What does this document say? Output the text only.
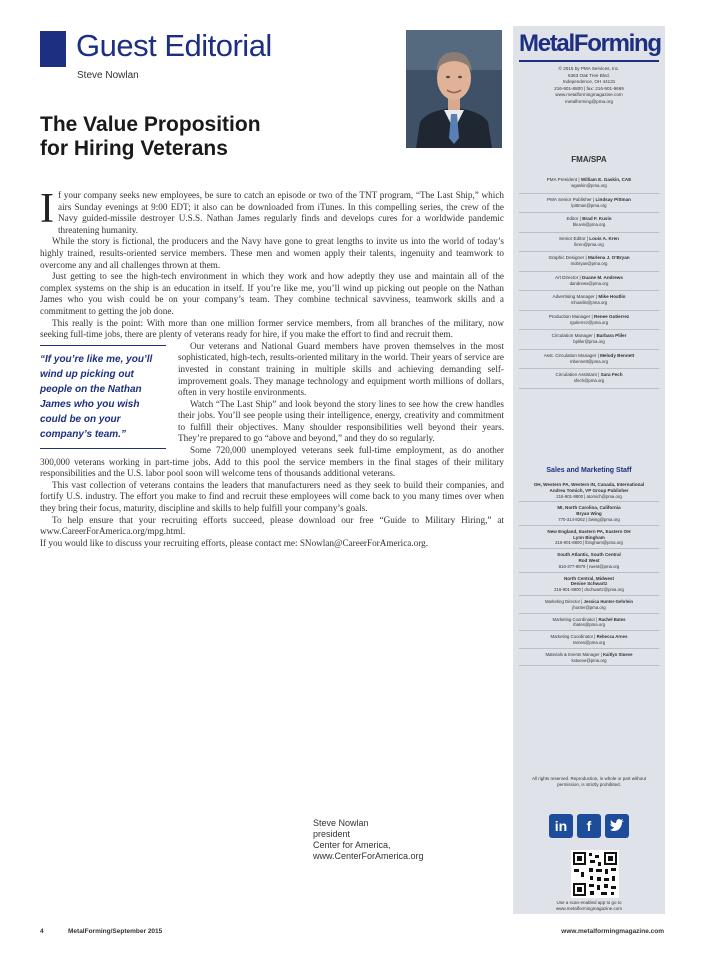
Guest Editorial
Steve Nowlan
The Value Proposition
for Hiring Veterans

If your company seeks new employees, be sure to catch an episode or two of the TNT program, “The Last Ship,” which airs Sunday evenings at 9:00 EDT; it also can be downloaded from iTunes. In this compelling series, the crew of the Navy guided-missile destroyer U.S.S. Nathan James regularly finds and develops cures for a worldwide pandemic threatening humanity.

While the story is fictional, the producers and the Navy have gone to great lengths to invite us into the world of today’s highly trained, results-oriented service members. These men and women apply their talents, ingenuity and teamwork to overcome any and all challenges thrown at them.

Just getting to see the high-tech environment in which they work and how adeptly they use and maintain all of the complex systems on the ship is an education in itself. If you’re like me, you’ll wind up picking out people on the Nathan James who you wish could be on your company’s team. They combine technical savviness, teamwork skills and a commitment to getting the job done.

This really is the point: With more than one million former service members, from all branches of the military, now seeking full-time jobs, there are plenty of veterans ready for hire, if you make the effort to find and recruit them.

“If you’re like me, you’ll wind up picking out people on the Nathan James who you wish could be on your company’s team.”

Our veterans and National Guard members have proven themselves in the most sophisticated, high-tech, results-oriented military in the world. Their years of service are invested in constant training in multiple skills and achieving demanding self-improvement goals. They manage technology and equipment worth millions of dollars, often in very hostile environments.

Watch “The Last Ship” and look beyond the story lines to see how the crew handles their jobs. You’ll see people using their intelligence, energy, creativity and commitment to fulfill their objectives. Many shoulder responsibilities well beyond their years. They’re prepared to go “above and beyond,” and they do so regularly.

Some 720,000 unemployed veterans seek full-time employment, as do another 300,000 veterans working in part-time jobs. Add to this pool the service members in the final stages of their military responsibilities and the U.S. labor pool soon will welcome tens of thousands additional veterans.

This vast collection of veterans contains the leaders that manufacturers need as they seek to build their companies, and fortify U.S. industry. The effort you make to find and recruit these employees will come back to you many times over when they bring their focus, maturity, discipline and skills to help fulfill your company’s goals.

To help ensure that your recruiting efforts succeed, please download our free “Guide to Military Hiring,” at www.CareerForAmerica.org/mpg.html.

If you would like to discuss your recruiting efforts, please contact me: SNowlan@CareerForAmerica.org.

Steve Nowlan
president
Center for America,
www.CenterForAmerica.org
4	MetalForming/September 2015	www.metalformingmagazine.com
MetalForming
© 2015 by PMA Services, Inc.
6363 Oak Tree Blvd.
Independence, OH 44131
216-901-8800 | fax: 216-901-9669
www.metalformingmagazine.com
metalforming@pma.org
FMA/SPA
PMA President | William E. Gaskin, CAE
wgaskin@pma.org
PMA Senior Publisher | Lindsay Pittman
lpittman@pma.org
Editor | Brad F. Kuvin
bkuvin@pma.org
Senior Editor | Louis A. Kren
lkren@pma.org
Graphic Designer | Marlena J. O’Bryan
mobryan@pma.org
Art Director | Duane M. Andrews
dandrews@pma.org
Advertising Manager | Mike Hoatlin
mhoatlin@pma.org
Production Manager | Renee Gutierrez
rgutierrez@pma.org
Circulation Manager | Barbara Pliler
bpliler@pma.org
Asst. Circulation Manager | Melody Bennett
mbennett@pma.org
Circulation Assistant | Sara Fech
sfech@pma.org
Sales and Marketing Staff
OH, Western PA, Western IN, Canada, International
Andrea Tomich, VP Group Publisher
216-901-8800 | atomich@pma.org
MI, North Carolina, California
Bryan Wing
770-314-8262 | bwing@pma.org
New England, Eastern PA, Eastern OH
Lynn Bingham
216-901-8800 | lbingham@pma.org
South Atlantic, South Central
Rod West
816-377-8879 | rwest@pma.org
North Central, Midwest
Denise Schwartz
216-901-8800 | dschwartz@pma.org
Marketing Director | Jessica Hunter-Gehrlein
jhunter@pma.org
Marketing Coordinator | Rachel Bates
rbates@pma.org
Marketing Coordinator | Rebecca Arnes
rarnes@pma.org
Materials & Events Manager | Kaitlyn Stueve
kstueve@pma.org
All rights reserved. Reproduction, in whole or part without permission, is strictly prohibited.
in	f
Use a scan-enabled app to go to
www.metalformingmagazine.com
